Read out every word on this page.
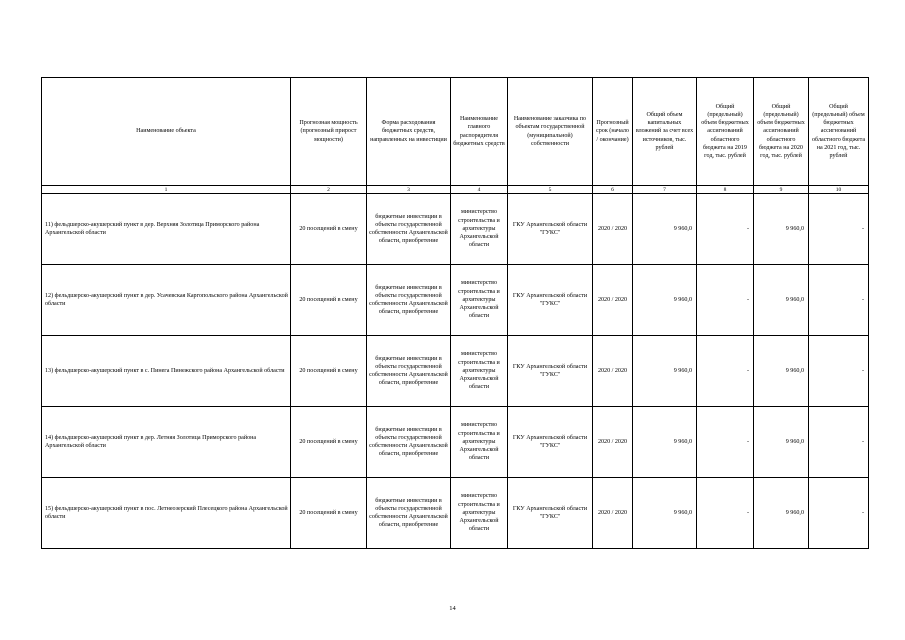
Наименование объекта	Прогнозная мощность (прогнозный прирост мощности)	Форма расходования бюджетных средств, направленных на инвестиции	Наименование главного распорядителя бюджетных средств	Наименование заказчика по объектам государственной (муниципальной) собственности	Прогнозный срок (начало / окончание)	Общий объем капитальных вложений за счет всех источников, тыс. рублей	Общий (предельный) объем бюджетных ассигнований областного бюджета на 2019 год, тыс. рублей	Общий (предельный) объем бюджетных ассигнований областного бюджета на 2020 год, тыс. рублей	Общий (предельный) объем бюджетных ассигнований областного бюджета на 2021 год, тыс. рублей
1	2	3	4	5	6	7	8	9	10
11) фельдшерско-акушерский пункт в дер. Верхняя Золотица Приморского района Архангельской области	20 посещений в смену	бюджетные инвестиции в объекты государственной собственности Архангельской области, приобретение	министерство строительства и архитектуры Архангельской области	ГКУ Архангельской области "ГУКС"	2020 / 2020	9 960,0	-	9 960,0	-
12) фельдшерско-акушерский пункт в дер. Усачевская Каргопольского района Архангельской области	20 посещений в смену	бюджетные инвестиции в объекты государственной собственности Архангельской области, приобретение	министерство строительства и архитектуры Архангельской области	ГКУ Архангельской области "ГУКС"	2020 / 2020	9 960,0	-	9 960,0	-
13) фельдшерско-акушерский пункт в с. Пинега Пинежского района Архангельской области	20 посещений в смену	бюджетные инвестиции в объекты государственной собственности Архангельской области, приобретение	министерство строительства и архитектуры Архангельской области	ГКУ Архангельской области "ГУКС"	2020 / 2020	9 960,0	-	9 960,0	-
14) фельдшерско-акушерский пункт в дер. Летняя Золотица Приморского района Архангельской области	20 посещений в смену	бюджетные инвестиции в объекты государственной собственности Архангельской области, приобретение	министерство строительства и архитектуры Архангельской области	ГКУ Архангельской области "ГУКС"	2020 / 2020	9 960,0	-	9 960,0	-
15) фельдшерско-акушерский пункт в пос. Летнеозерский Плесецкого района Архангельской области	20 посещений в смену	бюджетные инвестиции в объекты государственной собственности Архангельской области, приобретение	министерство строительства и архитектуры Архангельской области	ГКУ Архангельской области "ГУКС"	2020 / 2020	9 960,0	-	9 960,0	-
14
